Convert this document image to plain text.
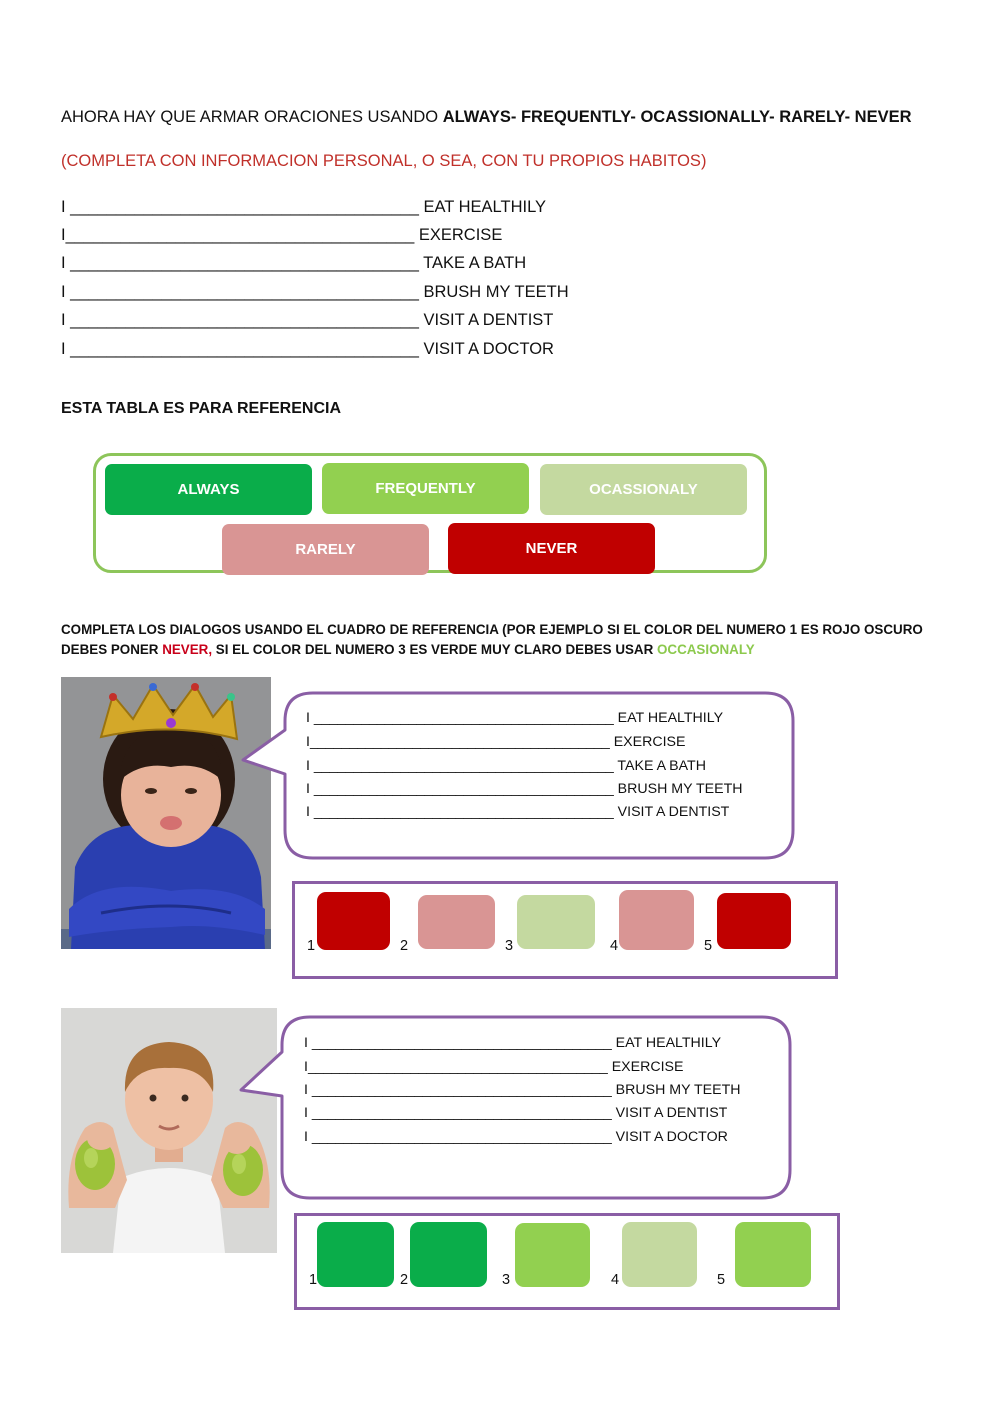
AHORA HAY QUE ARMAR ORACIONES USANDO ALWAYS- FREQUENTLY- OCASSIONALLY- RARELY- NEVER
(COMPLETA CON INFORMACION PERSONAL, O SEA, CON TU PROPIOS HABITOS)
I ______________________________________ EAT HEALTHILY
I______________________________________ EXERCISE
I ______________________________________ TAKE A BATH
I ______________________________________ BRUSH MY TEETH
I ______________________________________ VISIT A DENTIST
I ______________________________________ VISIT A DOCTOR
ESTA TABLA ES PARA REFERENCIA
ALWAYS	FREQUENTLY	OCASSIONALY
RARELY	NEVER
COMPLETA LOS DIALOGOS USANDO EL CUADRO DE REFERENCIA (POR EJEMPLO SI EL COLOR DEL NUMERO 1 ES ROJO OSCURO DEBES PONER NEVER, SI EL COLOR DEL NUMERO 3 ES VERDE MUY CLARO DEBES USAR OCCASIONALY
I ______________________________________ EAT HEALTHILY
I______________________________________ EXERCISE
I ______________________________________ TAKE A BATH
I ______________________________________ BRUSH MY TEETH
I ______________________________________ VISIT A DENTIST
1	2	3	4	5
I ______________________________________ EAT HEALTHILY
I______________________________________ EXERCISE
I ______________________________________ BRUSH MY TEETH
I ______________________________________ VISIT A DENTIST
I ______________________________________ VISIT A DOCTOR
1	2	3	4	5
